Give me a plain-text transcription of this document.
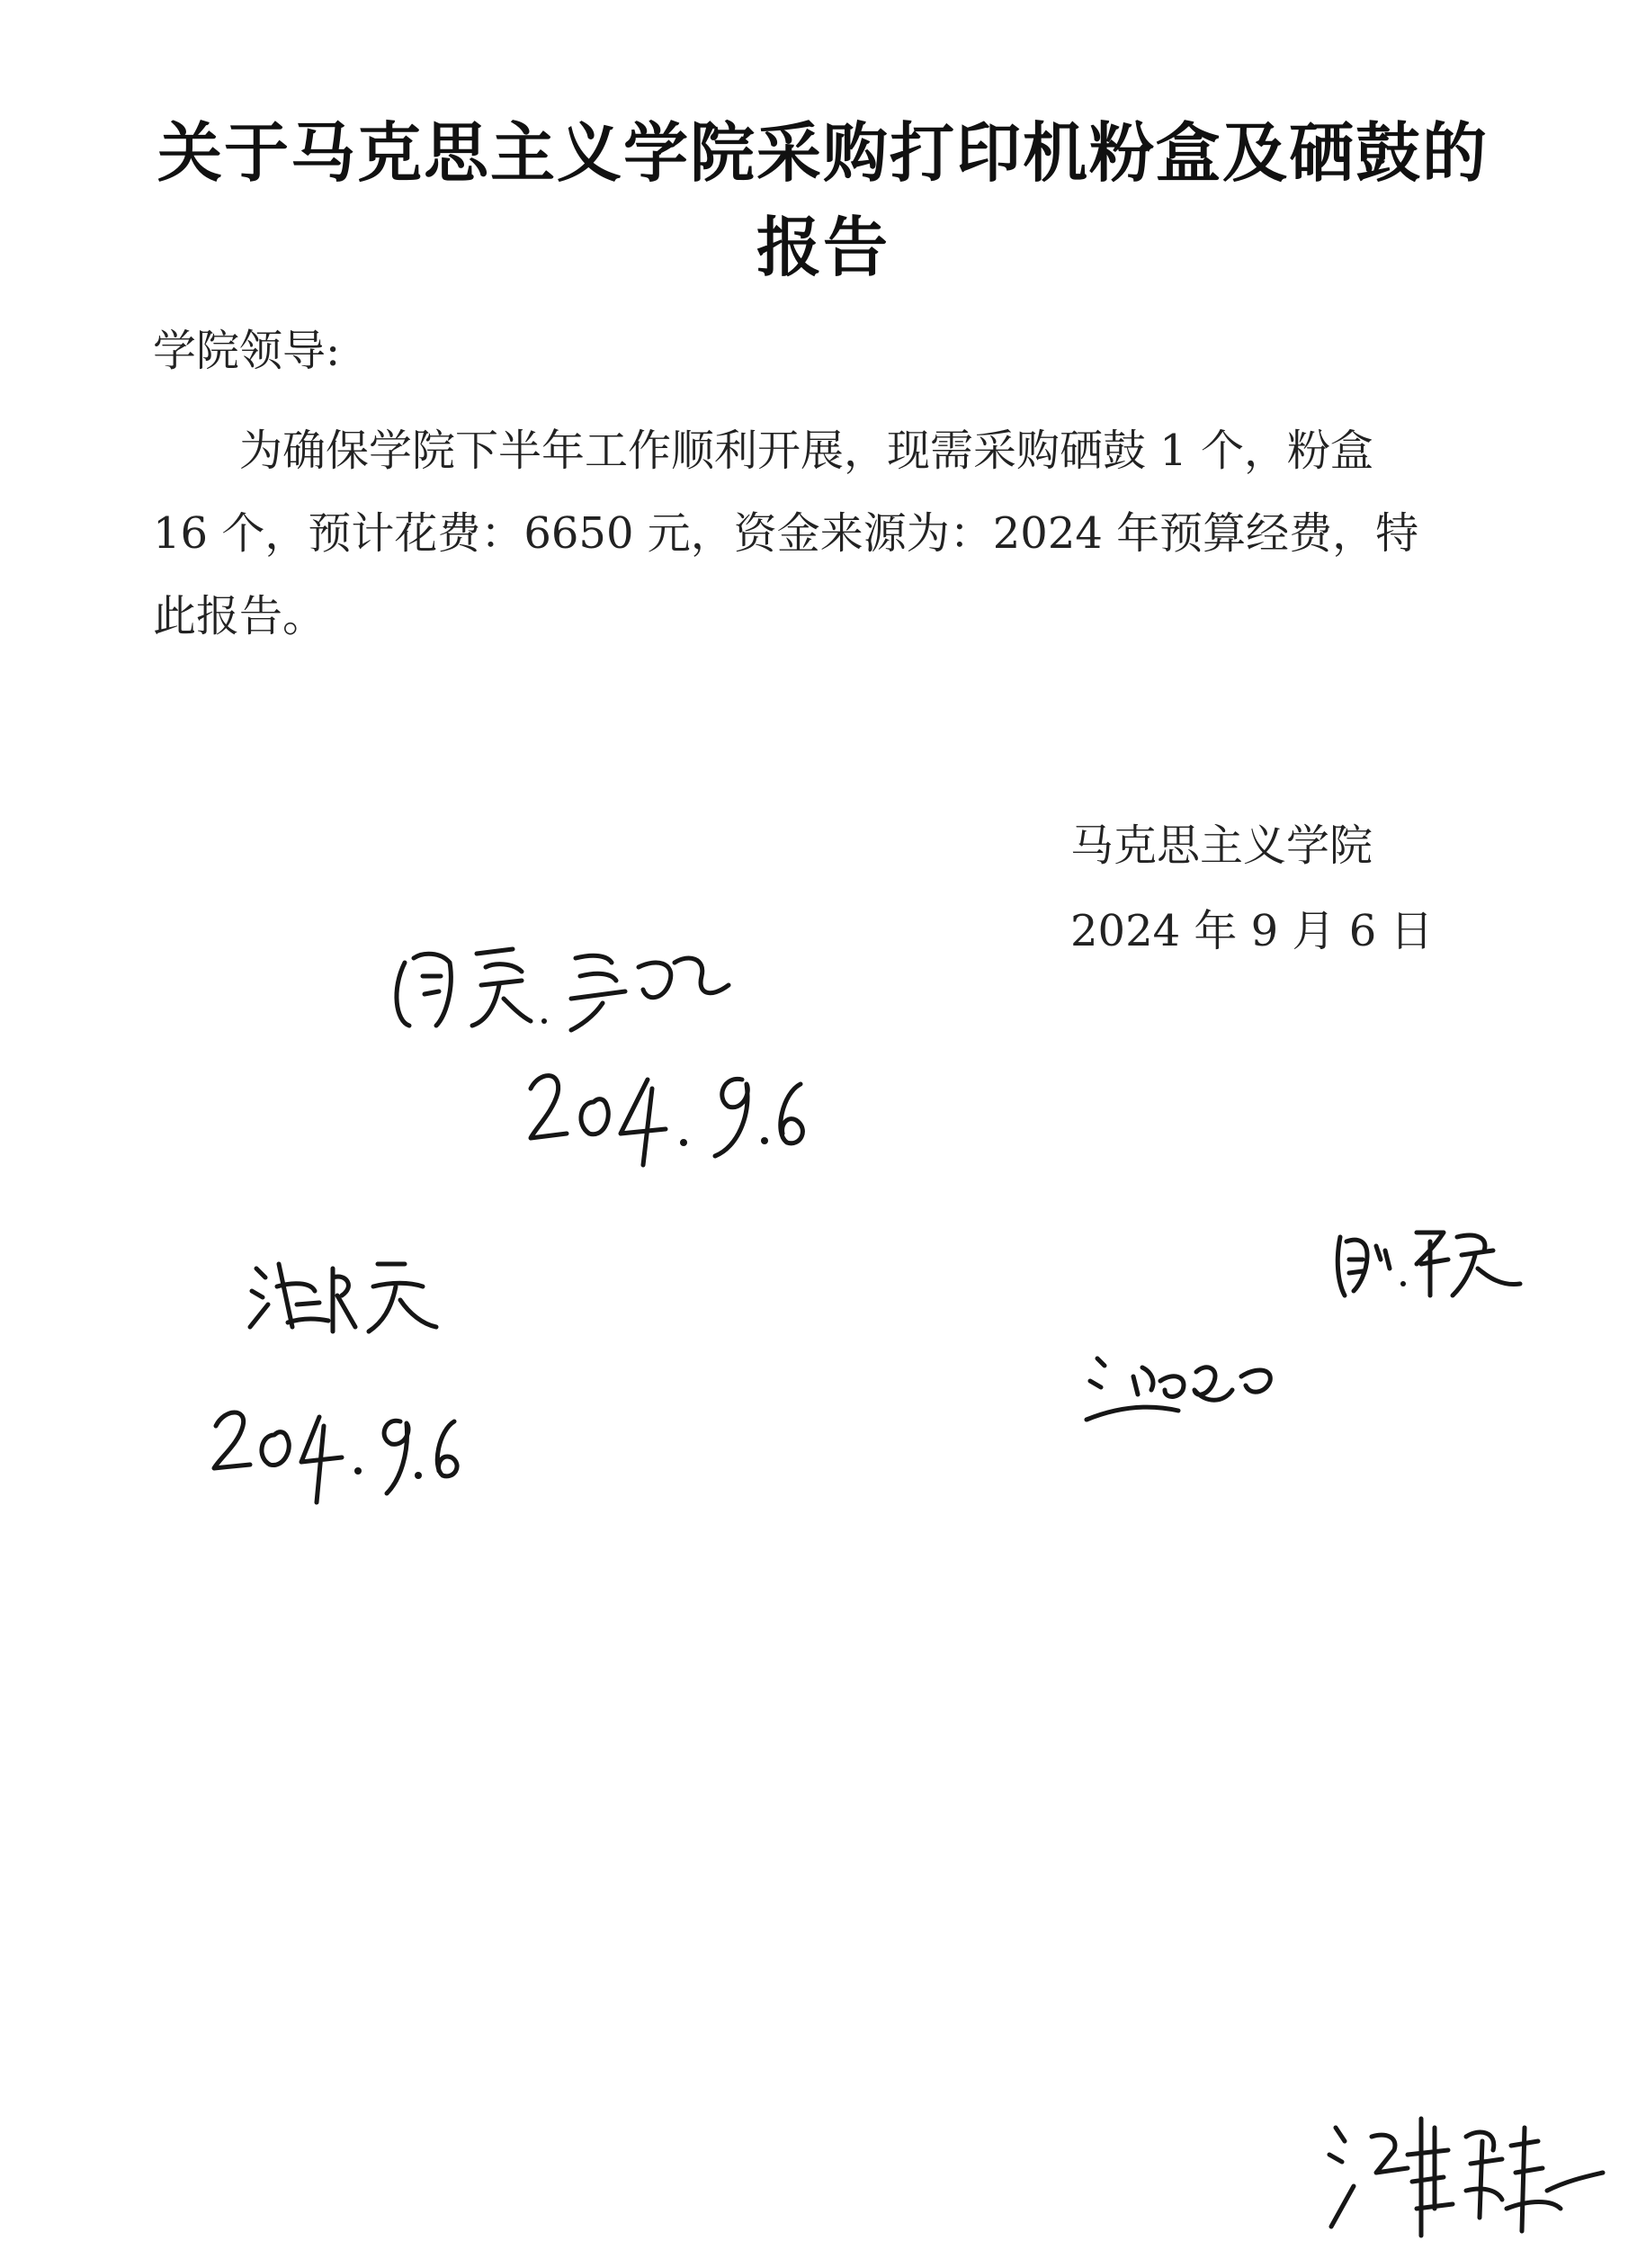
关于马克思主义学院采购打印机粉盒及硒鼓的
报告
学院领导:
为确保学院下半年工作顺利开展，现需采购硒鼓 1 个，粉盒
16 个，预计花费：6650 元，资金来源为：2024 年预算经费，特
此报告。
马克思主义学院
2024 年 9 月 6 日
